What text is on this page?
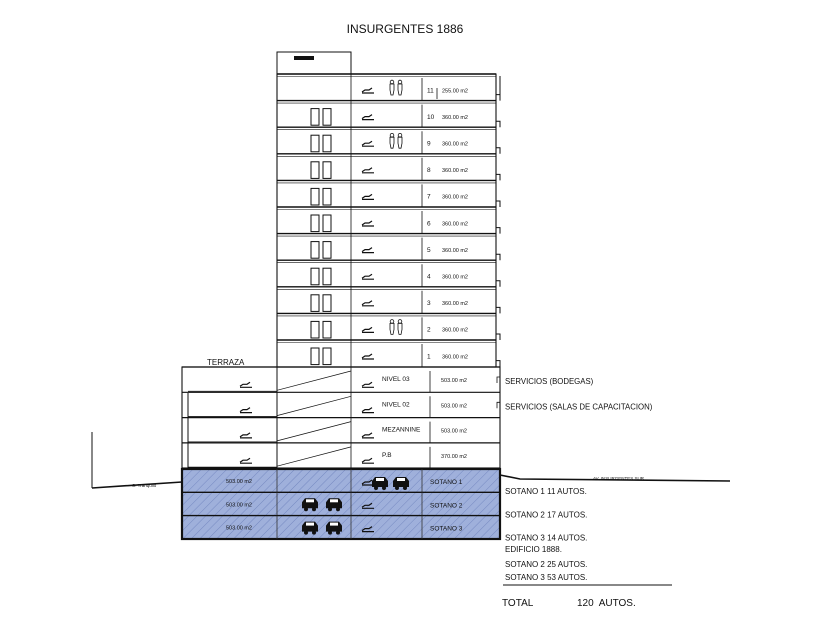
INSURGENTES 1886
C. Tranquilo
AV. INSURGENTES SUR
TERRAZA
11 255.00 m2
10 360.00 m2
9 360.00 m2
8 360.00 m2
7 360.00 m2
6 360.00 m2
5 360.00 m2
4 360.00 m2
3 360.00 m2
2 360.00 m2
1 360.00 m2
NIVEL 03	503.00 m2	SERVICIOS (BODEGAS)
NIVEL 02	503.00 m2	SERVICIOS (SALAS DE CAPACITACION)
MEZANNINE	503.00 m2
P.B	370.00 m2
503.00 m2	SOTANO 1
SOTANO 1 11 AUTOS.
503.00 m2	SOTANO 2
SOTANO 2 17 AUTOS.
503.00 m2	SOTANO 3
SOTANO 3 14 AUTOS.
EDIFICIO 1888.
SOTANO 2 25 AUTOS.
SOTANO 3 53 AUTOS.
TOTAL	120  AUTOS.
